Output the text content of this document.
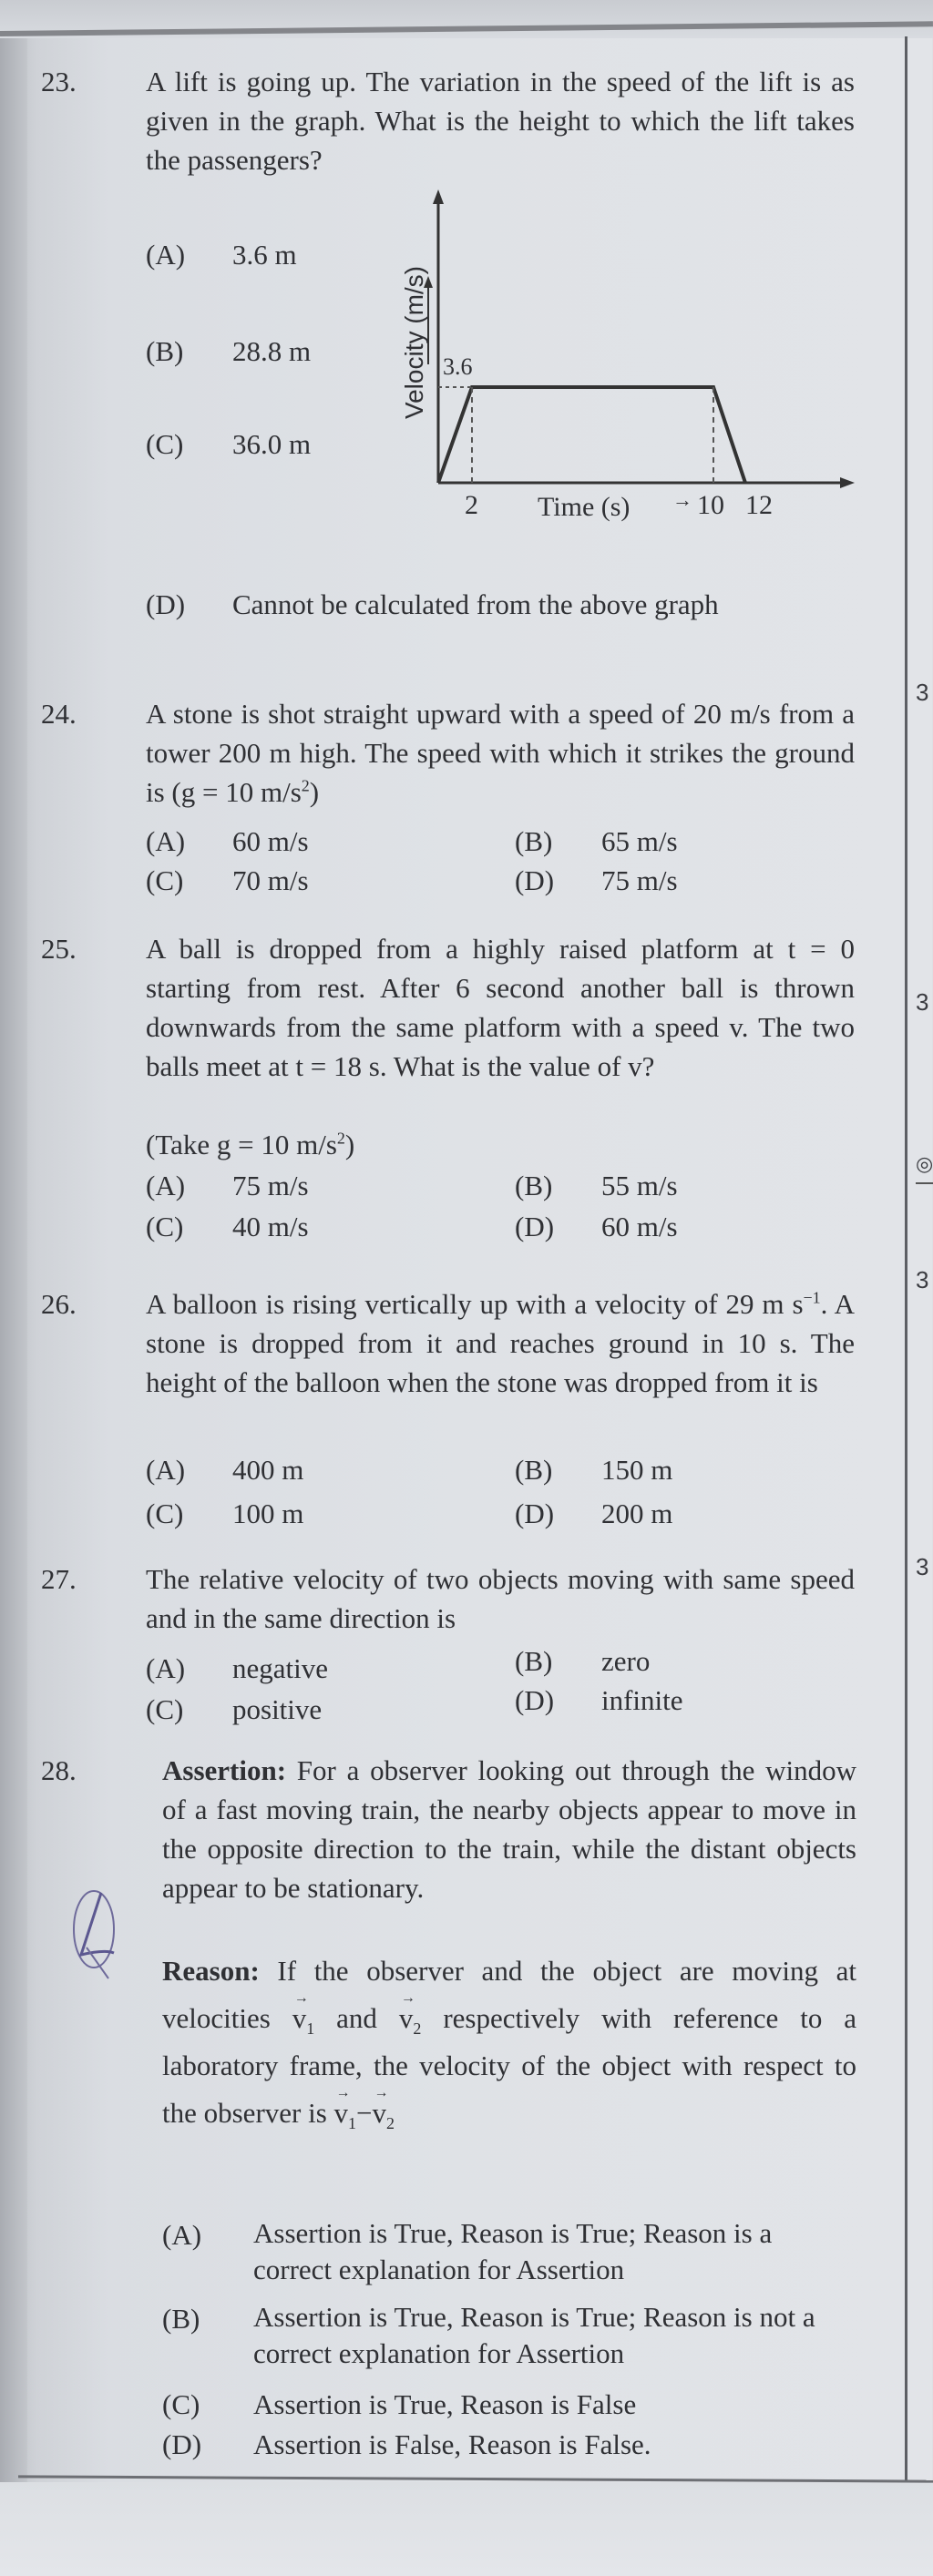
23.	A lift is going up. The variation in the speed of the lift is as given in the graph. What is the height to which the lift takes the passengers?
(A) 3.6 m
(B) 28.8 m
(C) 36.0 m
Velocity (m/s) 3.6
2 Time (s) → 10 12
(D) Cannot be calculated from the above graph
24.	A stone is shot straight upward with a speed of 20 m/s from a tower 200 m high. The speed with which it strikes the ground is (g = 10 $m/s^2$)
(A) 60 m/s	(B) 65 m/s
(C) 70 m/s	(D) 75 m/s
25.	A ball is dropped from a highly raised platform at t = 0 starting from rest. After 6 second another ball is thrown downwards from the same platform with a speed v. The two balls meet at t = 18 s. What is the value of v?
(Take g = 10 $m/s^2$)
(A) 75 m/s	(B) 55 m/s
(C) 40 m/s	(D) 60 m/s
26.	A balloon is rising vertically up with a velocity of 29 m $s^{-1}$. A stone is dropped from it and reaches ground in 10 s. The height of the balloon when the stone was dropped from it is
(A) 400 m	(B) 150 m
(C) 100 m	(D) 200 m
27.	The relative velocity of two objects moving with same speed and in the same direction is
(A) negative	(B) zero
(C) positive	(D) infinite
28.	Assertion: For a observer looking out through the window of a fast moving train, the nearby objects appear to move in the opposite direction to the train, while the distant objects appear to be stationary.
Reason: If the observer and the object are moving at velocities → $v_1$ and → $v_2$ respectively with reference to a laboratory frame, the velocity of the object with respect to the observer is → $v_1-\to v_2$
(A) Assertion is True, Reason is True; Reason is a correct explanation for Assertion
(B) Assertion is True, Reason is True; Reason is not a correct explanation for Assertion
(C) Assertion is True, Reason is False
(D) Assertion is False, Reason is False.
3
3
◎
3
3
